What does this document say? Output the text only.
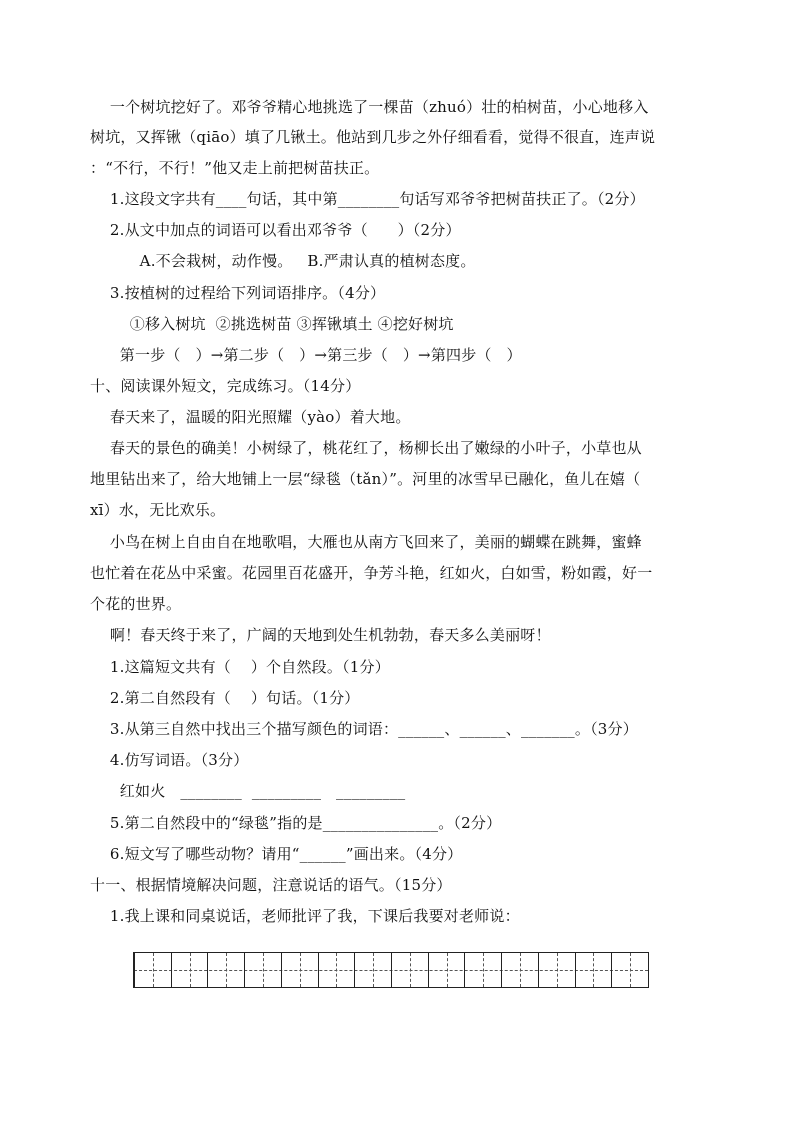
一个树坑挖好了。邓爷爷精心地挑选了一棵苗（zhuó）壮的柏树苗，小心地移入
树坑，又挥锹（qiāo）填了几锹土。他站到几步之外仔细看看，觉得不很直，连声说
：“不行，不行！”他又走上前把树苗扶正。
1.这段文字共有____句话，其中第________句话写邓爷爷把树苗扶正了。（2分）
2.从文中加点的词语可以看出邓爷爷（      ）（2分）
A.不会栽树，动作慢。   B.严肃认真的植树态度。
3.按植树的过程给下列词语排序。（4分）
①移入树坑  ②挑选树苗 ③挥锹填土 ④挖好树坑
第一步（   ）→第二步（   ）→第三步（   ）→第四步（   ）
十、阅读课外短文，完成练习。（14分）
春天来了，温暖的阳光照耀（yào）着大地。
春天的景色的确美！小树绿了，桃花红了，杨柳长出了嫩绿的小叶子，小草也从
地里钻出来了，给大地铺上一层“绿毯（tǎn）”。河里的冰雪早已融化，鱼儿在嬉（
xī）水，无比欢乐。
小鸟在树上自由自在地歌唱，大雁也从南方飞回来了，美丽的蝴蝶在跳舞，蜜蜂
也忙着在花丛中采蜜。花园里百花盛开，争芳斗艳，红如火，白如雪，粉如霞，好一
个花的世界。
啊！春天终于来了，广阔的天地到处生机勃勃，春天多么美丽呀！
1.这篇短文共有（    ）个自然段。（1分）
2.第二自然段有（    ）句话。（1分）
3.从第三自然中找出三个描写颜色的词语：______、______、_______。（3分）
4.仿写词语。（3分）
红如火   ________  _________   _________
5.第二自然段中的“绿毯”指的是_______________。（2分）
6.短文写了哪些动物？请用“______”画出来。（4分）
十一、根据情境解决问题，注意说话的语气。（15分）
1.我上课和同桌说话，老师批评了我，下课后我要对老师说：
